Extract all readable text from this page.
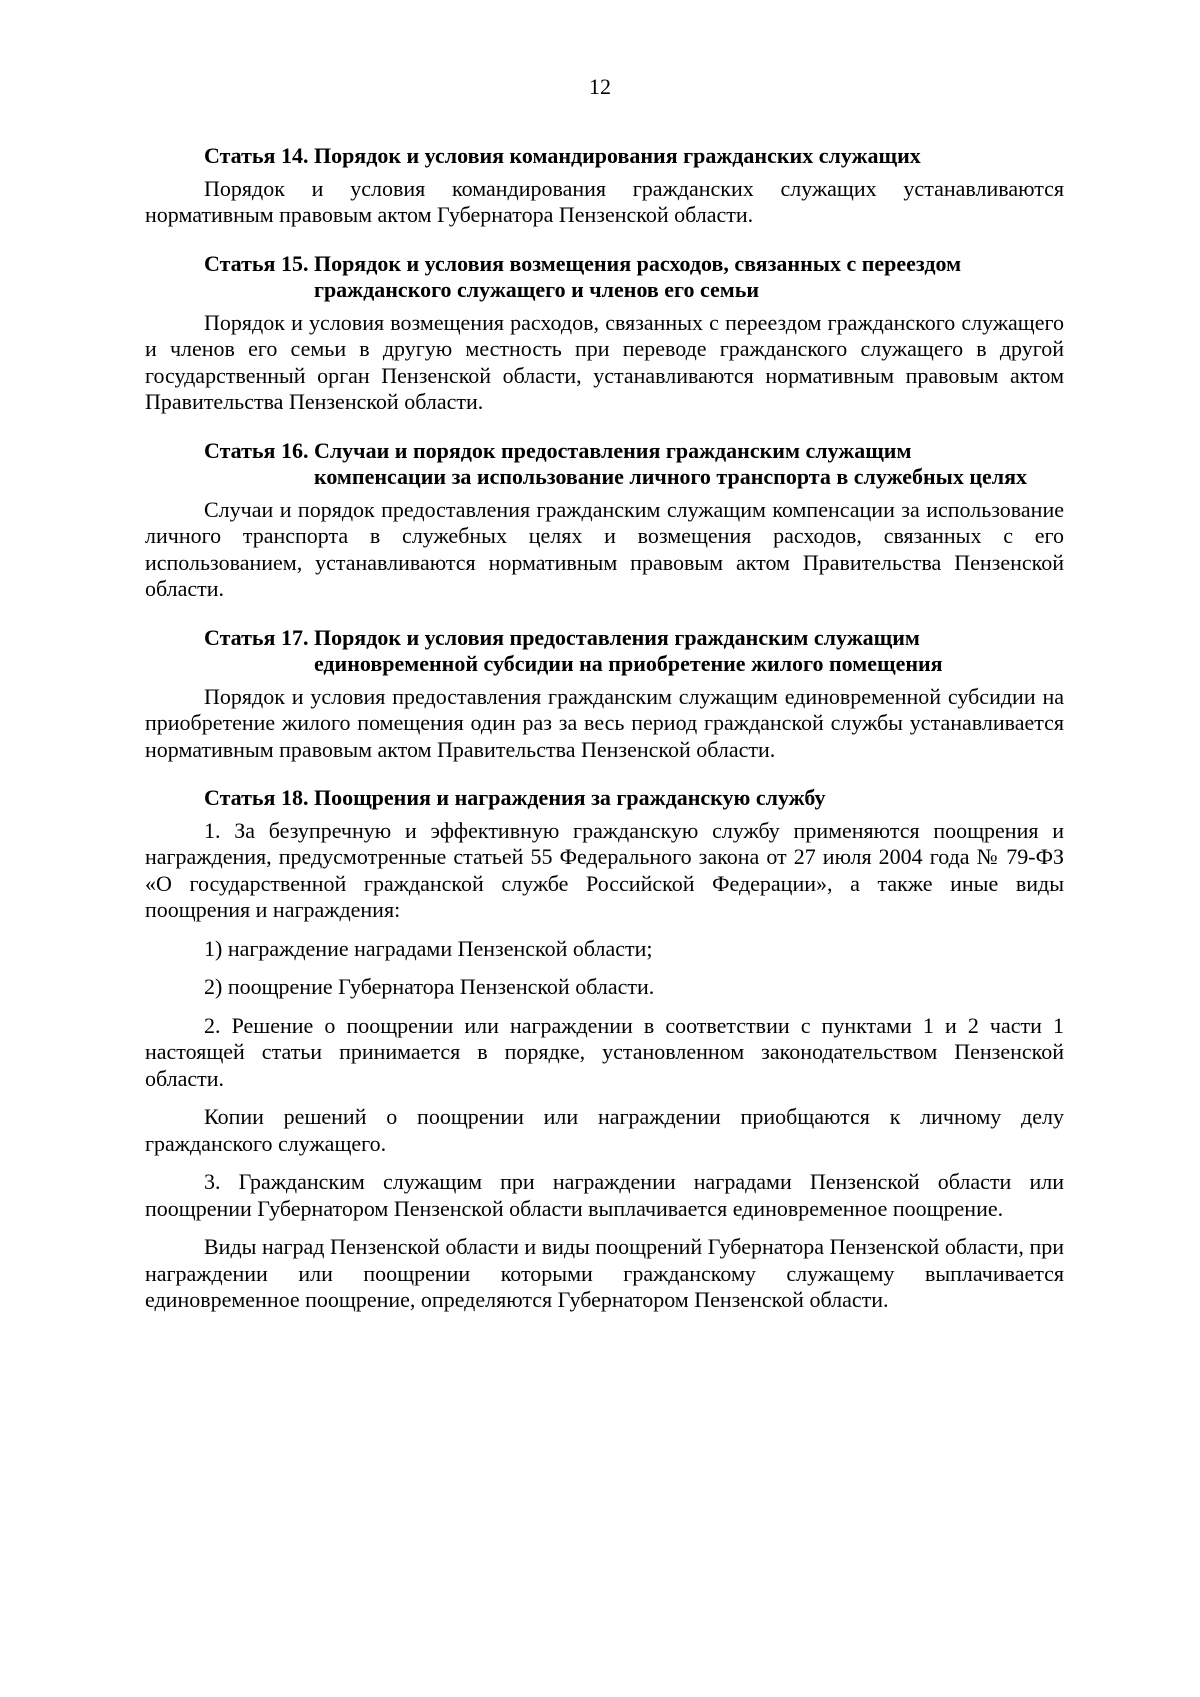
12
Статья 14.
Порядок и условия командирования гражданских служащих

Порядок и условия командирования гражданских служащих устанавливаются нормативным правовым актом Губернатора Пензенской области.

Статья 15.
Порядок и условия возмещения расходов, связанных с переездом гражданского служащего и членов его семьи

Порядок и условия возмещения расходов, связанных с переездом гражданского служащего и членов его семьи в другую местность при переводе гражданского служащего в другой государственный орган Пензенской области, устанавливаются нормативным правовым актом Правительства Пензенской области.

Статья 16.
Случаи и порядок предоставления гражданским служащим компенсации за использование личного транспорта в служебных целях

Случаи и порядок предоставления гражданским служащим компенсации за использование личного транспорта в служебных целях и возмещения расходов, связанных с его использованием, устанавливаются нормативным правовым актом Правительства Пензенской области.

Статья 17.
Порядок и условия предоставления гражданским служащим единовременной субсидии на приобретение жилого помещения

Порядок и условия предоставления гражданским служащим единовременной субсидии на приобретение жилого помещения один раз за весь период гражданской службы устанавливается нормативным правовым актом Правительства Пензенской области.

Статья 18.
Поощрения и награждения за гражданскую службу

1. За безупречную и эффективную гражданскую службу применяются поощрения и награждения, предусмотренные статьей 55 Федерального закона от 27 июля 2004 года № 79-ФЗ «О государственной гражданской службе Российской Федерации», а также иные виды поощрения и награждения:

1) награждение наградами Пензенской области;

2) поощрение Губернатора Пензенской области.

2. Решение о поощрении или награждении в соответствии с пунктами 1 и 2 части 1 настоящей статьи принимается в порядке, установленном законодательством Пензенской области.

Копии решений о поощрении или награждении приобщаются к личному делу гражданского служащего.

3. Гражданским служащим при награждении наградами Пензенской области или поощрении Губернатором Пензенской области выплачивается единовременное поощрение.

Виды наград Пензенской области и виды поощрений Губернатора Пензенской области, при награждении или поощрении которыми гражданскому служащему выплачивается единовременное поощрение, определяются Губернатором Пензенской области.
